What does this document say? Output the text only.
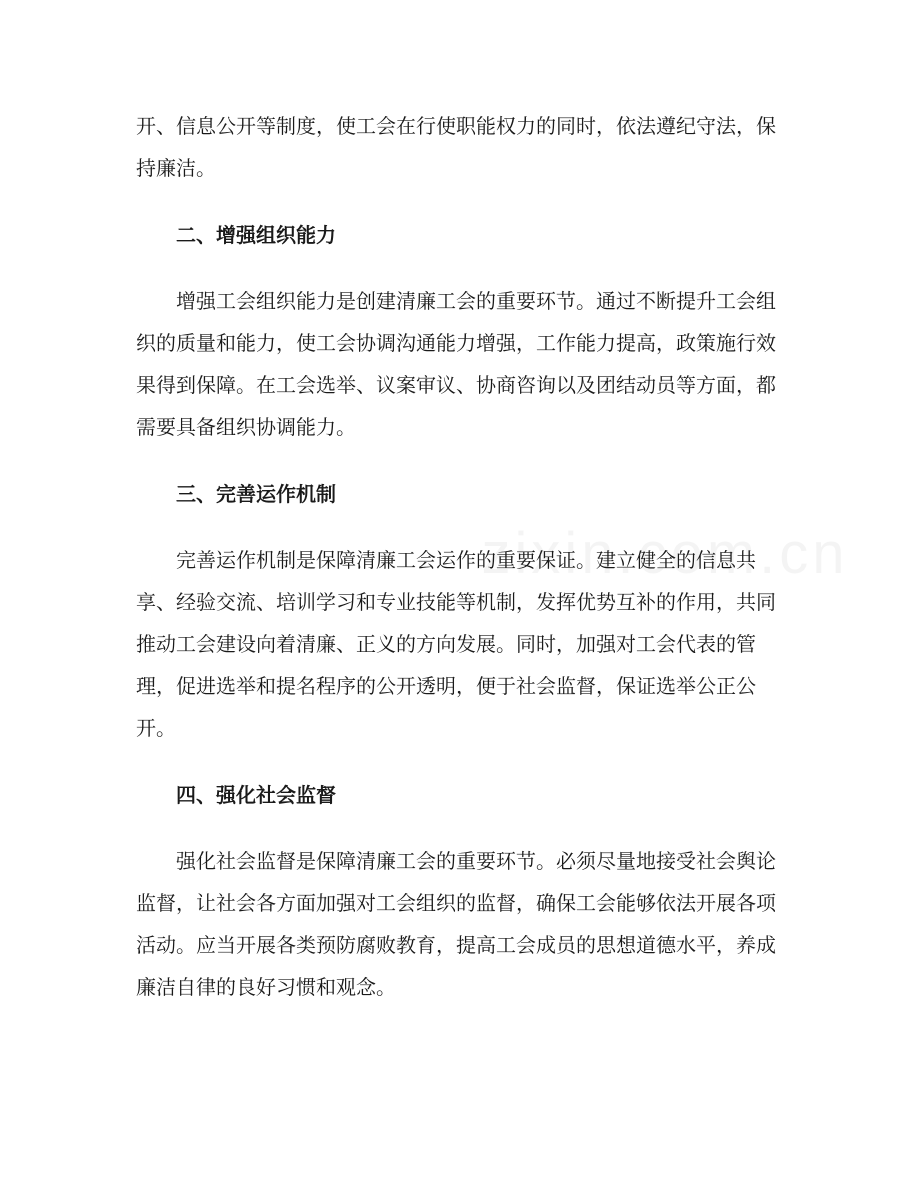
开、信息公开等制度，使工会在行使职能权力的同时，依法遵纪守法，保持廉洁。

二、增强组织能力

增强工会组织能力是创建清廉工会的重要环节。通过不断提升工会组织的质量和能力，使工会协调沟通能力增强，工作能力提高，政策施行效果得到保障。在工会选举、议案审议、协商咨询以及团结动员等方面，都需要具备组织协调能力。

三、完善运作机制

完善运作机制是保障清廉工会运作的重要保证。建立健全的信息共享、经验交流、培训学习和专业技能等机制，发挥优势互补的作用，共同推动工会建设向着清廉、正义的方向发展。同时，加强对工会代表的管理，促进选举和提名程序的公开透明，便于社会监督，保证选举公正公开。

四、强化社会监督

强化社会监督是保障清廉工会的重要环节。必须尽量地接受社会舆论监督，让社会各方面加强对工会组织的监督，确保工会能够依法开展各项活动。应当开展各类预防腐败教育，提高工会成员的思想道德水平，养成廉洁自律的良好习惯和观念。
